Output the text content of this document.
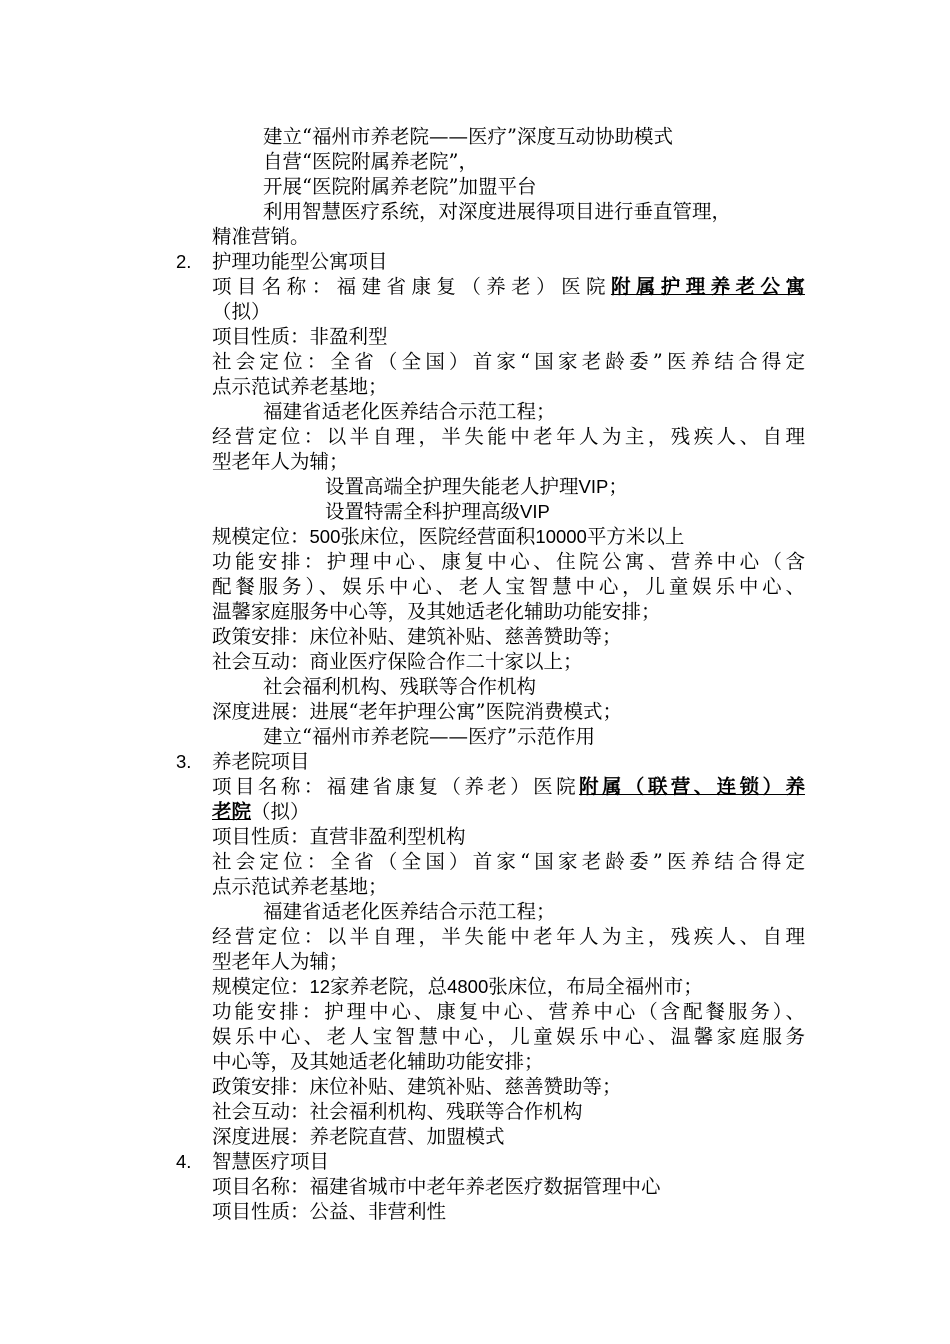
建立“福州市养老院——医疗”深度互动协助模式
自营“医院附属养老院”，
开展“医院附属养老院”加盟平台
利用智慧医疗系统，对深度进展得项目进行垂直管理，
精准营销。
2. 护理功能型公寓项目
项目名称：福建省康复（养老）医院附属护理养老公寓
（拟）
项目性质：非盈利型
社会定位：全省（全国）首家“国家老龄委”医养结合得定
点示范试养老基地；
福建省适老化医养结合示范工程；
经营定位：以半自理，半失能中老年人为主，残疾人、自理
型老年人为辅；
设置高端全护理失能老人护理VIP；
设置特需全科护理高级VIP
规模定位：500张床位，医院经营面积10000平方米以上
功能安排：护理中心、康复中心、住院公寓、营养中心（含
配餐服务）、娱乐中心、老人宝智慧中心，儿童娱乐中心、
温馨家庭服务中心等，及其她适老化辅助功能安排；
政策安排：床位补贴、建筑补贴、慈善赞助等；
社会互动：商业医疗保险合作二十家以上；
社会福利机构、残联等合作机构
深度进展：进展“老年护理公寓”医院消费模式；
建立“福州市养老院——医疗”示范作用
3. 养老院项目
项目名称：福建省康复（养老）医院附属（联营、连锁）养
老院（拟）
项目性质：直营非盈利型机构
社会定位：全省（全国）首家“国家老龄委”医养结合得定
点示范试养老基地；
福建省适老化医养结合示范工程；
经营定位：以半自理，半失能中老年人为主，残疾人、自理
型老年人为辅；
规模定位：12家养老院，总4800张床位，布局全福州市；
功能安排：护理中心、康复中心、营养中心（含配餐服务）、
娱乐中心、老人宝智慧中心，儿童娱乐中心、温馨家庭服务
中心等，及其她适老化辅助功能安排；
政策安排：床位补贴、建筑补贴、慈善赞助等；
社会互动：社会福利机构、残联等合作机构
深度进展：养老院直营、加盟模式
4. 智慧医疗项目
项目名称：福建省城市中老年养老医疗数据管理中心
项目性质：公益、非营利性
